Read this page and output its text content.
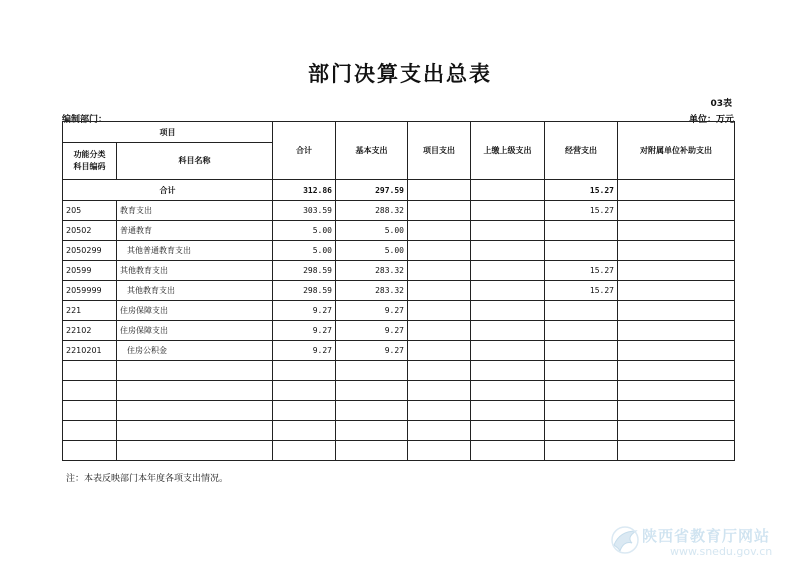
部门决算支出总表
03表
编制部门：	单位：万元
项目		合计	基本支出	项目支出	上缴上级支出	经营支出	对附属单位补助支出
功能分类
科目编码	科目名称						
合计		312.86	297.59			15.27	
205	教育支出	303.59	288.32			15.27	
20502	普通教育	5.00	5.00				
2050299	其他普通教育支出	5.00	5.00				
20599	其他教育支出	298.59	283.32			15.27	
2059999	其他教育支出	298.59	283.32			15.27	
221	住房保障支出	9.27	9.27				
22102	住房保障支出	9.27	9.27				
2210201	住房公积金	9.27	9.27				

注：本表反映部门本年度各项支出情况。
陕西省教育厅网站
www.snedu.gov.cn
